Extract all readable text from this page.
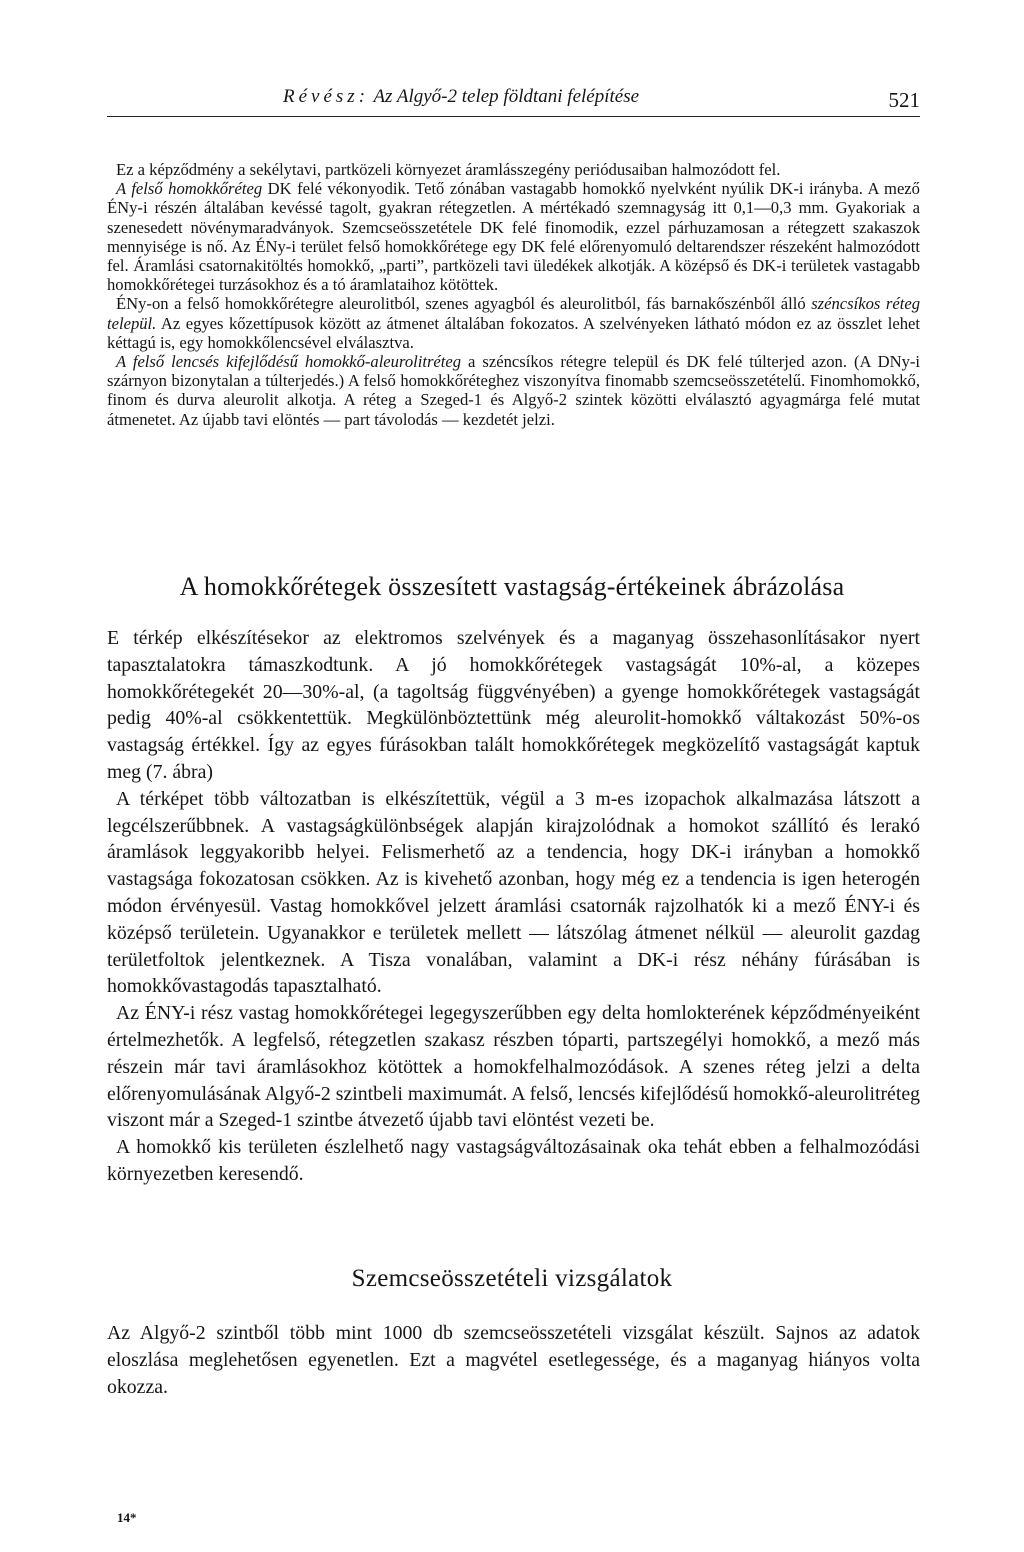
Révész: Az Algyő-2 telep földtani felépítése	521

Ez a képződmény a sekélytavi, partközeli környezet áramlásszegény periódusaiban halmozódott fel.

A felső homokkőréteg DK felé vékonyodik. Tető zónában vastagabb homokkő nyelvként nyúlik DK-i irányba. A mező ÉNy-i részén általában kevéssé tagolt, gyakran rétegzetlen. A mértékadó szemnagyság itt 0,1—0,3 mm. Gyakoriak a szenesedett növénymaradványok. Szemcseösszetétele DK felé finomodik, ezzel párhuzamosan a rétegzett szakaszok mennyisége is nő. Az ÉNy-i terület felső homokkőrétege egy DK felé előrenyomuló deltarendszer részeként halmozódott fel. Áramlási csatornakitöltés homokkő, „parti”, partközeli tavi üledékek alkotják. A középső és DK-i területek vastagabb homokkőrétegei turzásokhoz és a tó áramlataihoz kötöttek.

ÉNy-on a felső homokkőrétegre aleurolitból, szenes agyagból és aleurolitból, fás barnakőszénből álló széncsíkos réteg települ. Az egyes kőzettípusok között az átmenet általában fokozatos. A szelvényeken látható módon ez az összlet lehet kéttagú is, egy homokkőlencsével elválasztva.

A felső lencsés kifejlődésű homokkő-aleurolitréteg a széncsíkos rétegre települ és DK felé túlterjed azon. (A DNy-i szárnyon bizonytalan a túlterjedés.) A felső homokkőréteghez viszonyítva finomabb szemcseösszetételű. Finomhomokkő, finom és durva aleurolit alkotja. A réteg a Szeged-1 és Algyő-2 szintek közötti elválasztó agyagmárga felé mutat átmenetet. Az újabb tavi elöntés — part távolodás — kezdetét jelzi.

A homokkőrétegek összesített vastagság-értékeinek ábrázolása

E térkép elkészítésekor az elektromos szelvények és a maganyag összehasonlításakor nyert tapasztalatokra támaszkodtunk. A jó homokkőrétegek vastagságát 10%-al, a közepes homokkőrétegekét 20—30%-al, (a tagoltság függvényében) a gyenge homokkőrétegek vastagságát pedig 40%-al csökkentettük. Megkülönböztettünk még aleurolit-homokkő váltakozást 50%-os vastagság értékkel. Így az egyes fúrásokban talált homokkőrétegek megközelítő vastagságát kaptuk meg (7. ábra)

A térképet több változatban is elkészítettük, végül a 3 m-es izopachok alkalmazása látszott a legcélszerűbbnek. A vastagságkülönbségek alapján kirajzolódnak a homokot szállító és lerakó áramlások leggyakoribb helyei. Felismerhető az a tendencia, hogy DK-i irányban a homokkő vastagsága fokozatosan csökken. Az is kivehető azonban, hogy még ez a tendencia is igen heterogén módon érvényesül. Vastag homokkővel jelzett áramlási csatornák rajzolhatók ki a mező ÉNY-i és középső területein. Ugyanakkor e területek mellett — látszólag átmenet nélkül — aleurolit gazdag területfoltok jelentkeznek. A Tisza vonalában, valamint a DK-i rész néhány fúrásában is homokkővastagodás tapasztalható.

Az ÉNY-i rész vastag homokkőrétegei legegyszerűbben egy delta homlokterének képződményeiként értelmezhetők. A legfelső, rétegzetlen szakasz részben tóparti, partszegélyi homokkő, a mező más részein már tavi áramlásokhoz kötöttek a homokfelhalmozódások. A szenes réteg jelzi a delta előrenyomulásának Algyő-2 szintbeli maximumát. A felső, lencsés kifejlődésű homokkő-aleurolitréteg viszont már a Szeged-1 szintbe átvezető újabb tavi elöntést vezeti be.

A homokkő kis területen észlelhető nagy vastagságváltozásainak oka tehát ebben a felhalmozódási környezetben keresendő.

Szemcseösszetételi vizsgálatok

Az Algyő-2 szintből több mint 1000 db szemcseösszetételi vizsgálat készült. Sajnos az adatok eloszlása meglehetősen egyenetlen. Ezt a magvétel esetlegessége, és a maganyag hiányos volta okozza.

14*
